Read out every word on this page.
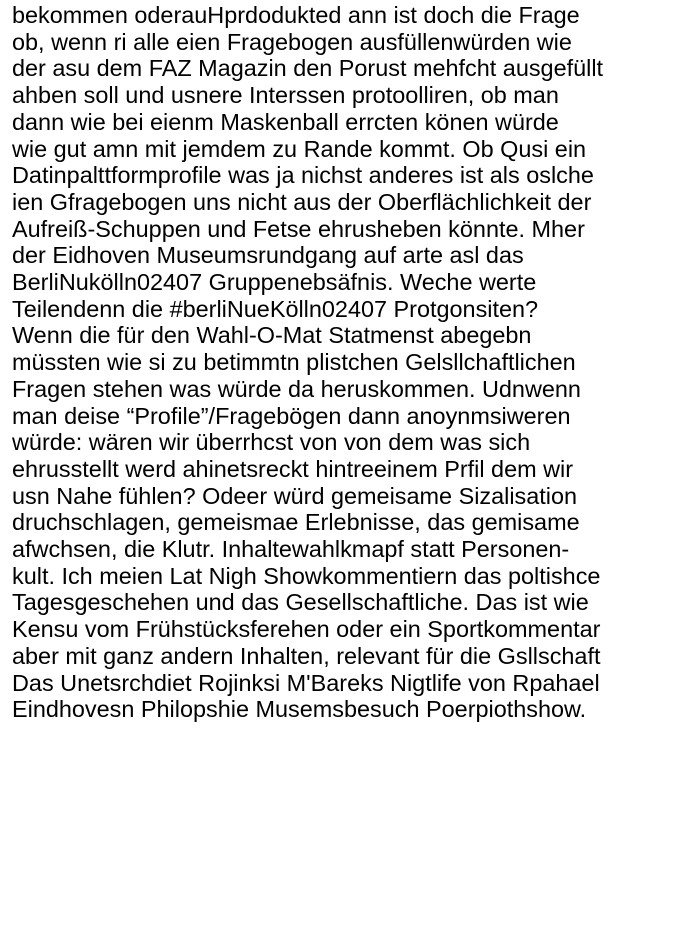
bekommen oderauHprdodukted ann ist doch die Frage
ob, wenn ri alle eien Fragebogen ausfüllenwürden wie
der asu dem FAZ Magazin den Porust mehfcht ausgefüllt
ahben soll und usnere Interssen protoolliren, ob man
dann wie bei eienm Maskenball errcten könen würde
wie gut amn mit jemdem zu Rande kommt. Ob Qusi ein
Datinpalttformprofile was ja nichst anderes ist als oslche
ien Gfragebogen uns nicht aus der Oberflächlichkeit der
Aufreiß-Schuppen und Fetse ehrusheben könnte. Mher
der Eidhoven Museumsrundgang auf arte asl das
BerliNukölln02407 Gruppenebsäfnis. Weche werte
Teilendenn die #berliNueKölln02407 Protgonsiten?
Wenn die für den Wahl-O-Mat Statmenst abegebn
müssten wie si zu betimmtn plistchen Gelsllchaftlichen
Fragen stehen was würde da heruskommen. Udnwenn
man deise “Profile”/Fragebögen dann anoynmsiweren
würde: wären wir überrhcst von von dem was sich
ehrusstellt werd ahinetsreckt hintreeinem Prfil dem wir
usn Nahe fühlen? Odeer würd gemeisame Sizalisation
druchschlagen, gemeismae Erlebnisse, das gemisame
afwchsen, die Klutr. Inhaltewahlkmapf statt Personen-
kult. Ich meien Lat Nigh Showkommentiern das poltishce
Tagesgeschehen und das Gesellschaftliche. Das ist wie
Kensu vom Frühstücksferehen oder ein Sportkommentar
aber mit ganz andern Inhalten, relevant für die Gsllschaft
Das Unetsrchdiet Rojinksi M'Bareks Nigtlife von Rpahael
Eindhovesn Philopshie Musemsbesuch Poerpiothshow.
